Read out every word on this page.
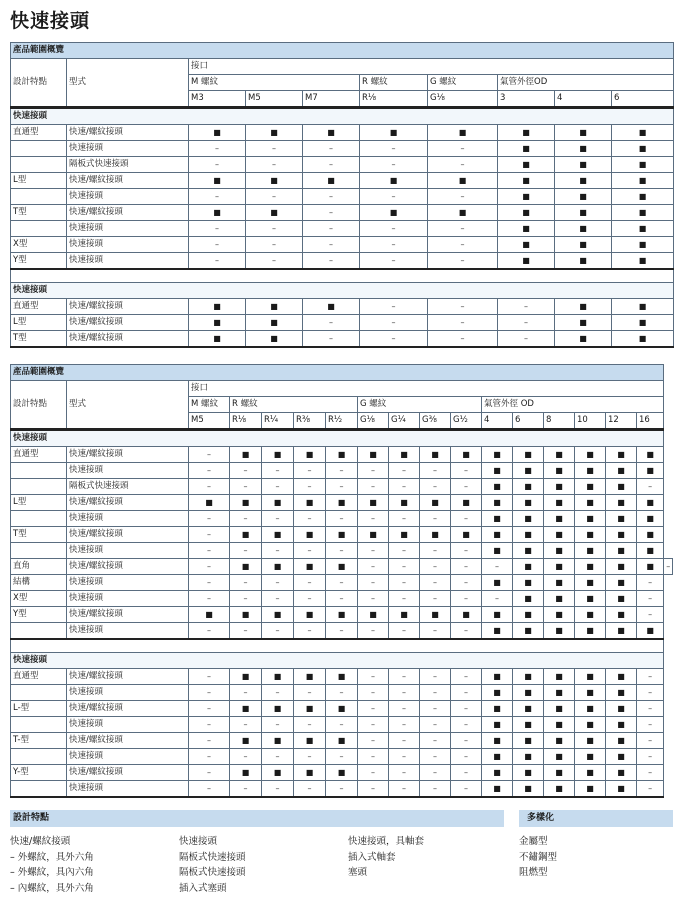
快速接頭
產品範圍概覽									
設計特點	型式	接口							
		M 螺紋			R 螺紋	G 螺紋	氣管外徑OD		
		M3	M5	M7	R⅛	G⅛	3	4	6
快速接頭									
直通型	快速/螺紋接頭	■	■	■	■	■	■	■	■
	快速接頭	–	–	–	–	–	■	■	■
	隔板式快速接頭	–	–	–	–	–	■	■	■
L型	快速/螺紋接頭	■	■	■	■	■	■	■	■
	快速接頭	–	–	–	–	–	■	■	■
T型	快速/螺紋接頭	■	■	–	■	■	■	■	■
	快速接頭	–	–	–	–	–	■	■	■
X型	快速接頭	–	–	–	–	–	■	■	■
Y型	快速接頭	–	–	–	–	–	■	■	■

快速接頭									
直通型	快速/螺紋接頭	■	■	■	–	–	–	■	■
L型	快速/螺紋接頭	■	■	–	–	–	–	■	■
T型	快速/螺紋接頭	■	■	–	–	–	–	■	■
產品範圍概覽																	
設計特點	型式	接口															
		M 螺紋	R 螺紋				G 螺紋				氣管外徑 OD						
		M5	R⅛	R¼	R⅜	R½	G⅛	G¼	G⅜	G½	4	6	8	10	12	16	
快速接頭																	
直通型	快速/螺紋接頭	–	■	■	■	■	■	■	■	■	■	■	■	■	■	■	
	快速接頭	–	–	–	–	–	–	–	–	–	■	■	■	■	■	■	
	隔板式快速接頭	–	–	–	–	–	–	–	–	–	■	■	■	■	■	–	
L型	快速/螺紋接頭	■	■	■	■	■	■	■	■	■	■	■	■	■	■	■	
	快速接頭	–	–	–	–	–	–	–	–	–	■	■	■	■	■	■	
T型	快速/螺紋接頭	–	■	■	■	■	■	■	■	■	■	■	■	■	■	■	
	快速接頭	–	–	–	–	–	–	–	–	–	■	■	■	■	■	■	
直角	快速/螺紋接頭	–	■	■	■	■	–	–	–	–	–	■	■	■	■	■	–
結構	快速接頭	–	–	–	–	–	–	–	–	–	■	■	■	■	■	–	
X型	快速接頭	–	–	–	–	–	–	–	–	–	–	■	■	■	■	–	
Y型	快速/螺紋接頭	■	■	■	■	■	■	■	■	■	■	■	■	■	■	–	
	快速接頭	–	–	–	–	–	–	–	–	–	■	■	■	■	■	■	

快速接頭																	
直通型	快速/螺紋接頭	–	■	■	■	■	–	–	–	–	■	■	■	■	■	–	
	快速接頭	–	–	–	–	–	–	–	–	–	■	■	■	■	■	–	
L-型	快速/螺紋接頭	–	■	■	■	■	–	–	–	–	■	■	■	■	■	–	
	快速接頭	–	–	–	–	–	–	–	–	–	■	■	■	■	■	–	
T-型	快速/螺紋接頭	–	■	■	■	■	–	–	–	–	■	■	■	■	■	–	
	快速接頭	–	–	–	–	–	–	–	–	–	■	■	■	■	■	–	
Y-型	快速/螺紋接頭	–	■	■	■	■	–	–	–	–	■	■	■	■	■	–	
	快速接頭	–	–	–	–	–	–	–	–	–	■	■	■	■	■	–	
設計特點	多樣化
快速/螺紋接頭
– 外螺紋，具外六角
– 外螺紋，具內六角
– 內螺紋，具外六角
快速接頭
隔板式快速接頭
隔板式快速接頭
插入式塞頭
快速接頭，具軸套
插入式軸套
塞頭
金屬型
不鏽鋼型
阻燃型
